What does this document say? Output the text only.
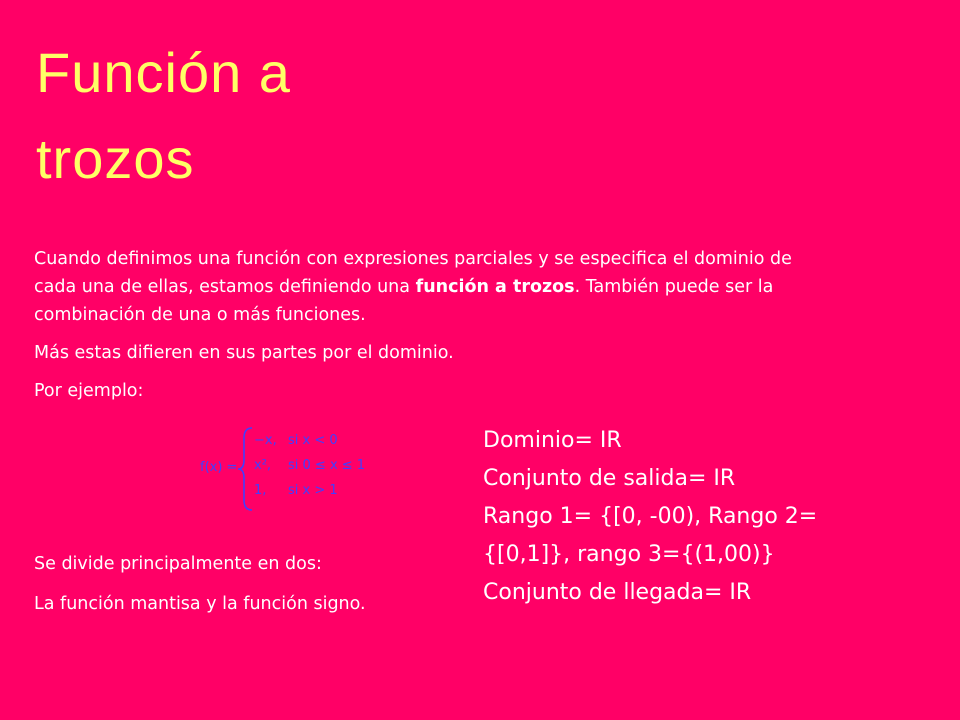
Función a
trozos

Cuando definimos una función con expresiones parciales y se especifica el dominio de cada una de ellas, estamos definiendo una función a trozos. También puede ser la combinación de una o más funciones.

Más estas difieren en sus partes por el dominio.

Por ejemplo:

f(x) =
−x, si x < 0
x², si 0 ≤ x ≤ 1
1, si x > 1
Dominio= IR
Conjunto de salida= IR
Rango 1= {[0, -00), Rango 2=
{[0,1]}, rango 3={(1,00)}
Conjunto de llegada= IR

Se divide principalmente en dos:

La función mantisa y la función signo.
